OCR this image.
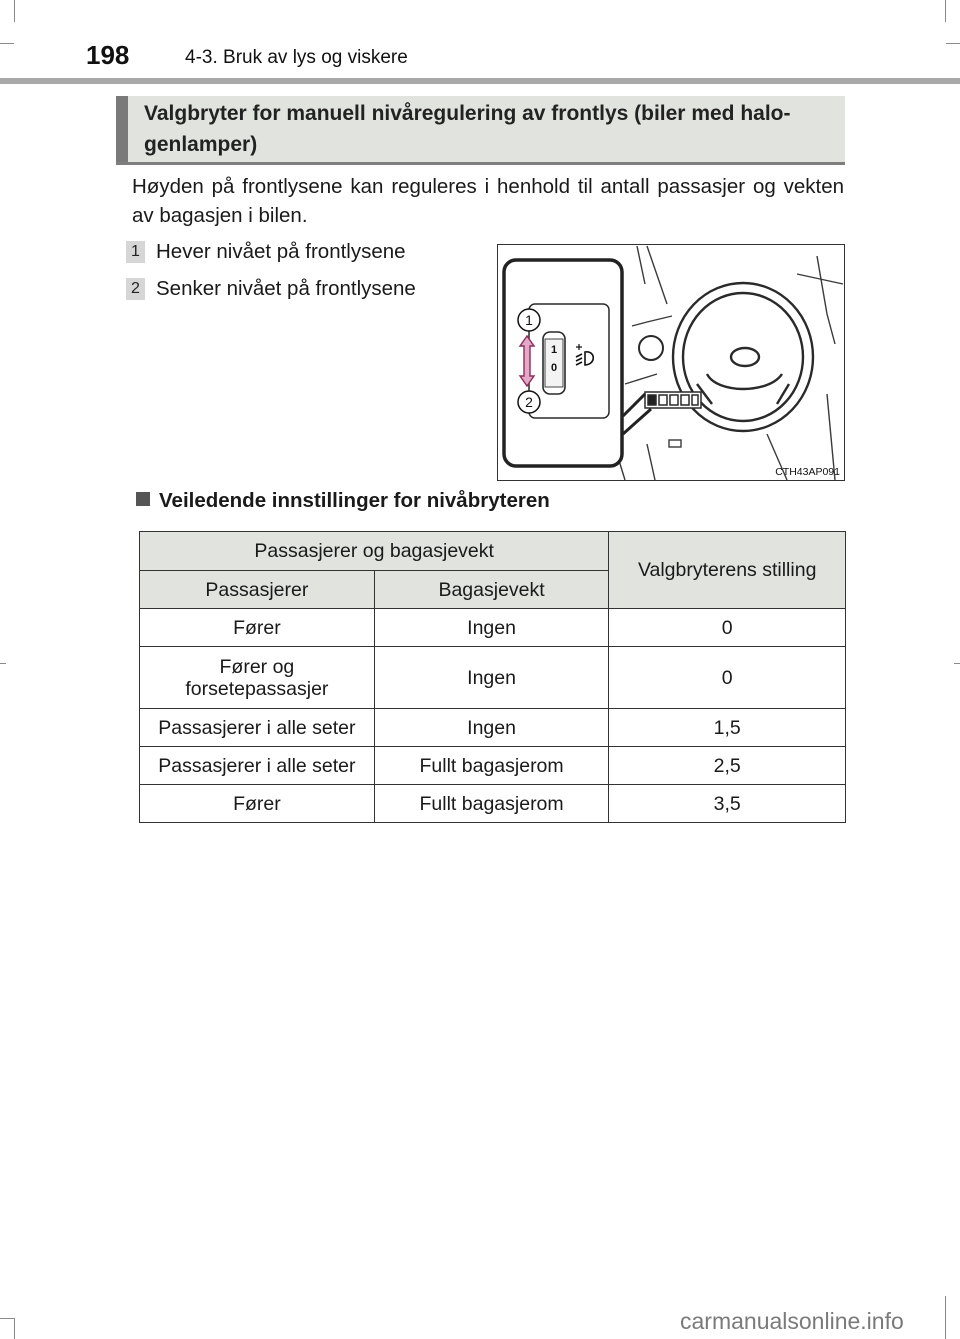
198	4-3. Bruk av lys og viskere
Valgbryter for manuell nivåregulering av frontlys (biler med halo-genlamper)
Høyden på frontlysene kan reguleres i henhold til antall passasjer og vekten av bagasjen i bilen.
1 Hever nivået på frontlysene
2 Senker nivået på frontlysene
1
0
1
2
CTH43AP091
Veiledende innstillinger for nivåbryteren
Passasjerer og bagasjevekt		Valgbryterens stilling
Passasjerer	Bagasjevekt	
Fører	Ingen	0

Fører og forsetepassasjer	Ingen	0
Passasjerer i alle seter	Ingen	1,5
Passasjerer i alle seter	Fullt bagasjerom	2,5
Fører	Fullt bagasjerom	3,5
carmanualsonline.info
